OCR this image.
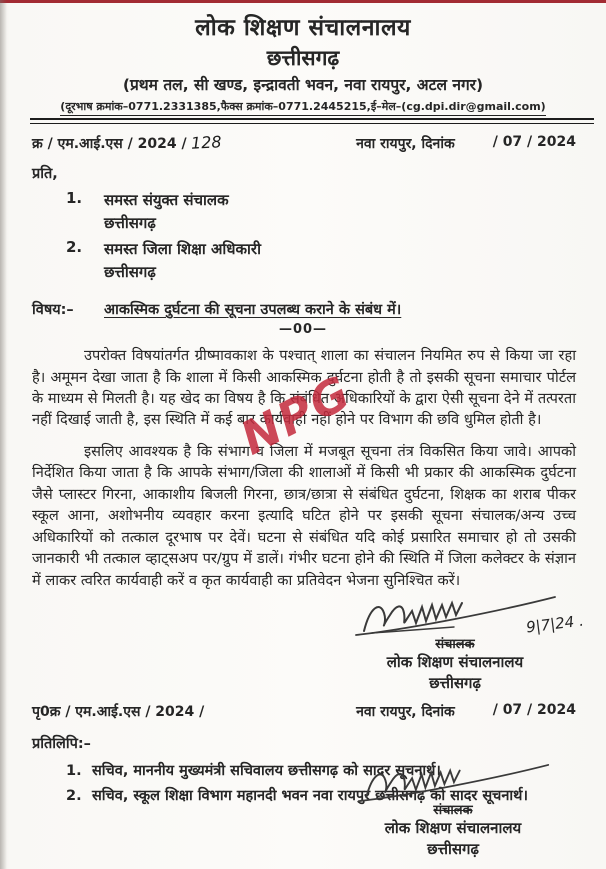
लोक शिक्षण संचालनालय
छत्तीसगढ़
(प्रथम तल, सी खण्ड, इन्द्रावती भवन, नवा रायपुर, अटल नगर)
(दूरभाष क्रमांक–0771.2331385,फैक्स क्रमांक–0771.2445215,ई–मेल–(cg.dpi.dir@gmail.com)
क्र / एम.आई.एस / 2024 / 128	नवा रायपुर, दिनांक	/ 07 / 2024
प्रति,
1.	समस्त संयुक्त संचालक
छत्तीसगढ़
2.	समस्त जिला शिक्षा अधिकारी
छत्तीसगढ़
विषय:–	आकस्मिक दुर्घटना की सूचना उपलब्ध कराने के संबंध में।
—00—
उपरोक्त विषयांतर्गत ग्रीष्मावकाश के पश्चात् शाला का संचालन नियमित रुप से किया जा रहा है। अमूमन देखा जाता है कि शाला में किसी आकस्मिक दुर्घटना होती है तो इसकी सूचना समाचार पोर्टल के माध्यम से मिलती है। यह खेद का विषय है कि संबंधित अधिकारियों के द्वारा ऐसी सूचना देने में तत्परता नहीं दिखाई जाती है, इस स्थिति में कई बार कार्यवाही नहीं होने पर विभाग की छवि धुमिल होती है।
इसलिए आवश्यक है कि संभाग व जिला में मजबूत सूचना तंत्र विकसित किया जावे। आपको निर्देशित किया जाता है कि आपके संभाग/जिला की शालाओं में किसी भी प्रकार की आकस्मिक दुर्घटना जैसे प्लास्टर गिरना, आकाशीय बिजली गिरना, छात्र/छात्रा से संबंधित दुर्घटना, शिक्षक का शराब पीकर स्कूल आना, अशोभनीय व्यवहार करना इत्यादि घटित होने पर इसकी सूचना संचालक/अन्य उच्च अधिकारियों को तत्काल दूरभाष पर देवें। घटना से संबंधित यदि कोई प्रसारित समाचार हो तो उसकी जानकारी भी तत्काल व्हाट्सअप पर/ग्रुप में डालें। गंभीर घटना होने की स्थिति में जिला कलेक्टर के संज्ञान में लाकर त्वरित कार्यवाही करें व कृत कार्यवाही का प्रतिवेदन भेजना सुनिश्चित करें।
NPG
9|7|24 .
संचालक
लोक शिक्षण संचालनालय
छत्तीसगढ़
पृ0क्र / एम.आई.एस / 2024 /	नवा रायपुर, दिनांक	/ 07 / 2024
प्रतिलिपि:–
1. सचिव, माननीय मुख्यमंत्री सचिवालय छत्तीसगढ़ को सादर सूचनार्थ।
2. सचिव, स्कूल शिक्षा विभाग महानदी भवन नवा रायपुर छत्तीसगढ़ को सादर सूचनार्थ।
संचालक
लोक शिक्षण संचालनालय
छत्तीसगढ़
